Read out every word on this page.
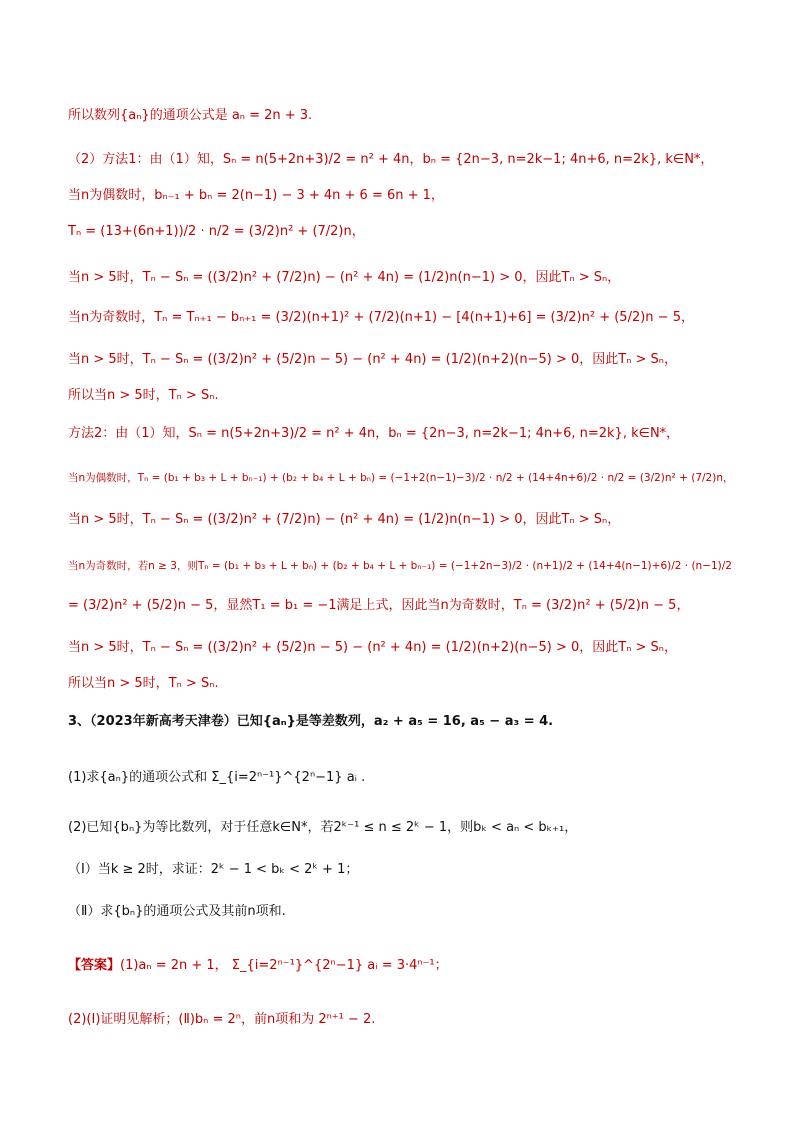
所以数列{aₙ}的通项公式是 aₙ = 2n + 3.
（2）方法1：由（1）知，Sₙ = n(5+2n+3)/2 = n² + 4n，bₙ = {2n−3, n=2k−1; 4n+6, n=2k}, k∈N*，
当n为偶数时，bₙ₋₁ + bₙ = 2(n−1) − 3 + 4n + 6 = 6n + 1，
Tₙ = (13+(6n+1))/2 · n/2 = (3/2)n² + (7/2)n，
当n > 5时，Tₙ − Sₙ = ((3/2)n² + (7/2)n) − (n² + 4n) = (1/2)n(n−1) > 0，因此Tₙ > Sₙ，
当n为奇数时，Tₙ = Tₙ₊₁ − bₙ₊₁ = (3/2)(n+1)² + (7/2)(n+1) − [4(n+1)+6] = (3/2)n² + (5/2)n − 5，
当n > 5时，Tₙ − Sₙ = ((3/2)n² + (5/2)n − 5) − (n² + 4n) = (1/2)(n+2)(n−5) > 0，因此Tₙ > Sₙ，
所以当n > 5时，Tₙ > Sₙ.
方法2：由（1）知，Sₙ = n(5+2n+3)/2 = n² + 4n，bₙ = {2n−3, n=2k−1; 4n+6, n=2k}, k∈N*，
当n为偶数时，Tₙ = (b₁ + b₃ + L + bₙ₋₁) + (b₂ + b₄ + L + bₙ) = (−1+2(n−1)−3)/2 · n/2 + (14+4n+6)/2 · n/2 = (3/2)n² + (7/2)n，
当n > 5时，Tₙ − Sₙ = ((3/2)n² + (7/2)n) − (n² + 4n) = (1/2)n(n−1) > 0，因此Tₙ > Sₙ，
当n为奇数时，若n ≥ 3，则Tₙ = (b₁ + b₃ + L + bₙ) + (b₂ + b₄ + L + bₙ₋₁) = (−1+2n−3)/2 · (n+1)/2 + (14+4(n−1)+6)/2 · (n−1)/2
= (3/2)n² + (5/2)n − 5，显然T₁ = b₁ = −1满足上式，因此当n为奇数时，Tₙ = (3/2)n² + (5/2)n − 5，
当n > 5时，Tₙ − Sₙ = ((3/2)n² + (5/2)n − 5) − (n² + 4n) = (1/2)(n+2)(n−5) > 0，因此Tₙ > Sₙ，
所以当n > 5时，Tₙ > Sₙ.
3、（2023年新高考天津卷）已知{aₙ}是等差数列，a₂ + a₅ = 16, a₅ − a₃ = 4.
(1)求{aₙ}的通项公式和 Σ_{i=2ⁿ⁻¹}^{2ⁿ−1} aᵢ .
(2)已知{bₙ}为等比数列，对于任意k∈N*，若2ᵏ⁻¹ ≤ n ≤ 2ᵏ − 1，则bₖ < aₙ < bₖ₊₁，
（Ⅰ）当k ≥ 2时，求证：2ᵏ − 1 < bₖ < 2ᵏ + 1；
（Ⅱ）求{bₙ}的通项公式及其前n项和.
【答案】(1)aₙ = 2n + 1， Σ_{i=2ⁿ⁻¹}^{2ⁿ−1} aᵢ = 3·4ⁿ⁻¹；
(2)(Ⅰ)证明见解析；(Ⅱ)bₙ = 2ⁿ，前n项和为 2ⁿ⁺¹ − 2.
